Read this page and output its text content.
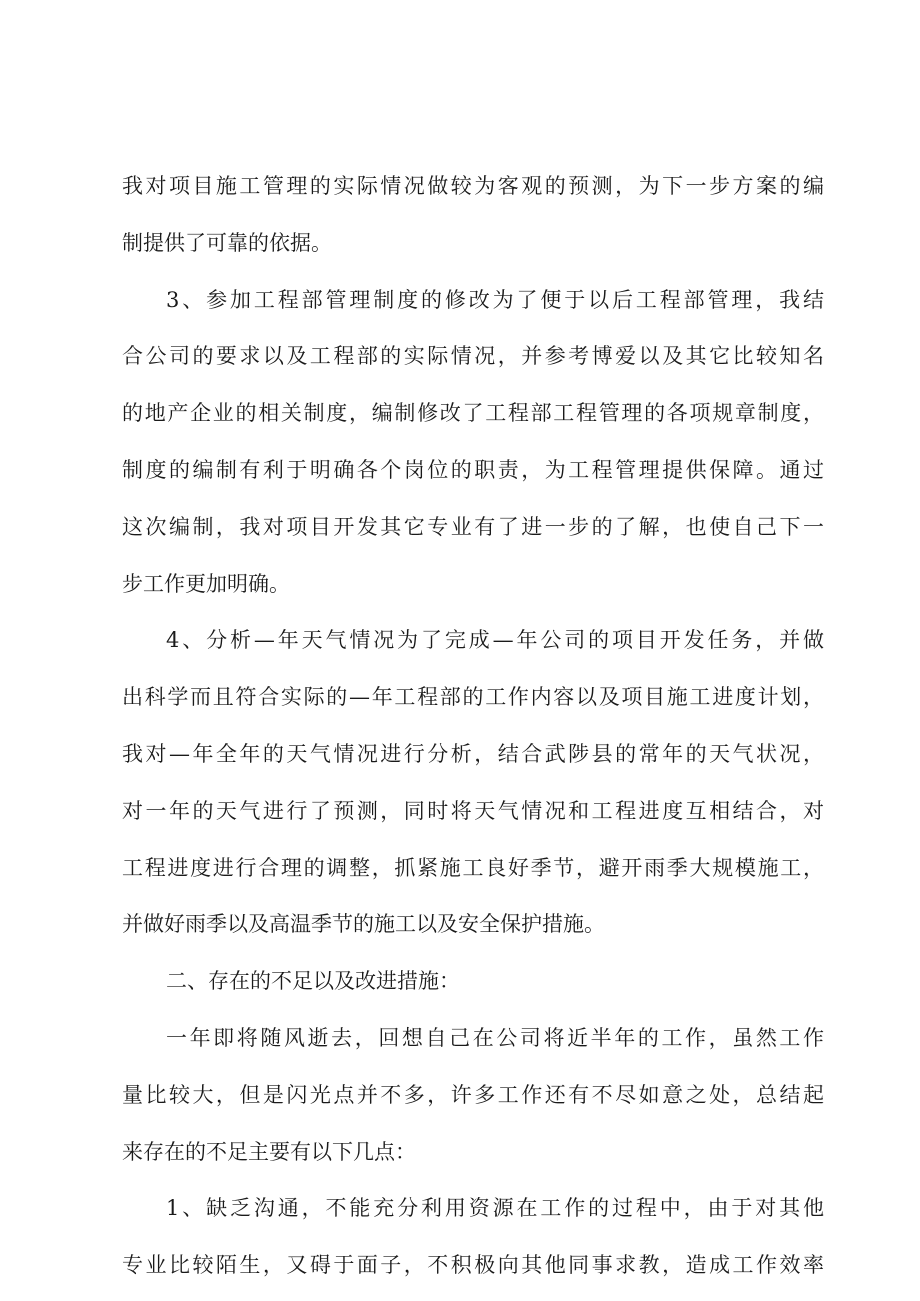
我对项目施工管理的实际情况做较为客观的预测，为下一步方案的编
制提供了可靠的依据。
3、参加工程部管理制度的修改为了便于以后工程部管理，我结
合公司的要求以及工程部的实际情况，并参考博爱以及其它比较知名
的地产企业的相关制度，编制修改了工程部工程管理的各项规章制度，
制度的编制有利于明确各个岗位的职责，为工程管理提供保障。通过
这次编制，我对项目开发其它专业有了进一步的了解，也使自己下一
步工作更加明确。
4、分析—年天气情况为了完成—年公司的项目开发任务，并做
出科学而且符合实际的—年工程部的工作内容以及项目施工进度计划，
我对—年全年的天气情况进行分析，结合武陟县的常年的天气状况，
对一年的天气进行了预测，同时将天气情况和工程进度互相结合，对
工程进度进行合理的调整，抓紧施工良好季节，避开雨季大规模施工，
并做好雨季以及高温季节的施工以及安全保护措施。
二、存在的不足以及改进措施：
一年即将随风逝去，回想自己在公司将近半年的工作，虽然工作
量比较大，但是闪光点并不多，许多工作还有不尽如意之处，总结起
来存在的不足主要有以下几点：
1、缺乏沟通，不能充分利用资源在工作的过程中，由于对其他
专业比较陌生，又碍于面子，不积极向其他同事求教，造成工作效率
